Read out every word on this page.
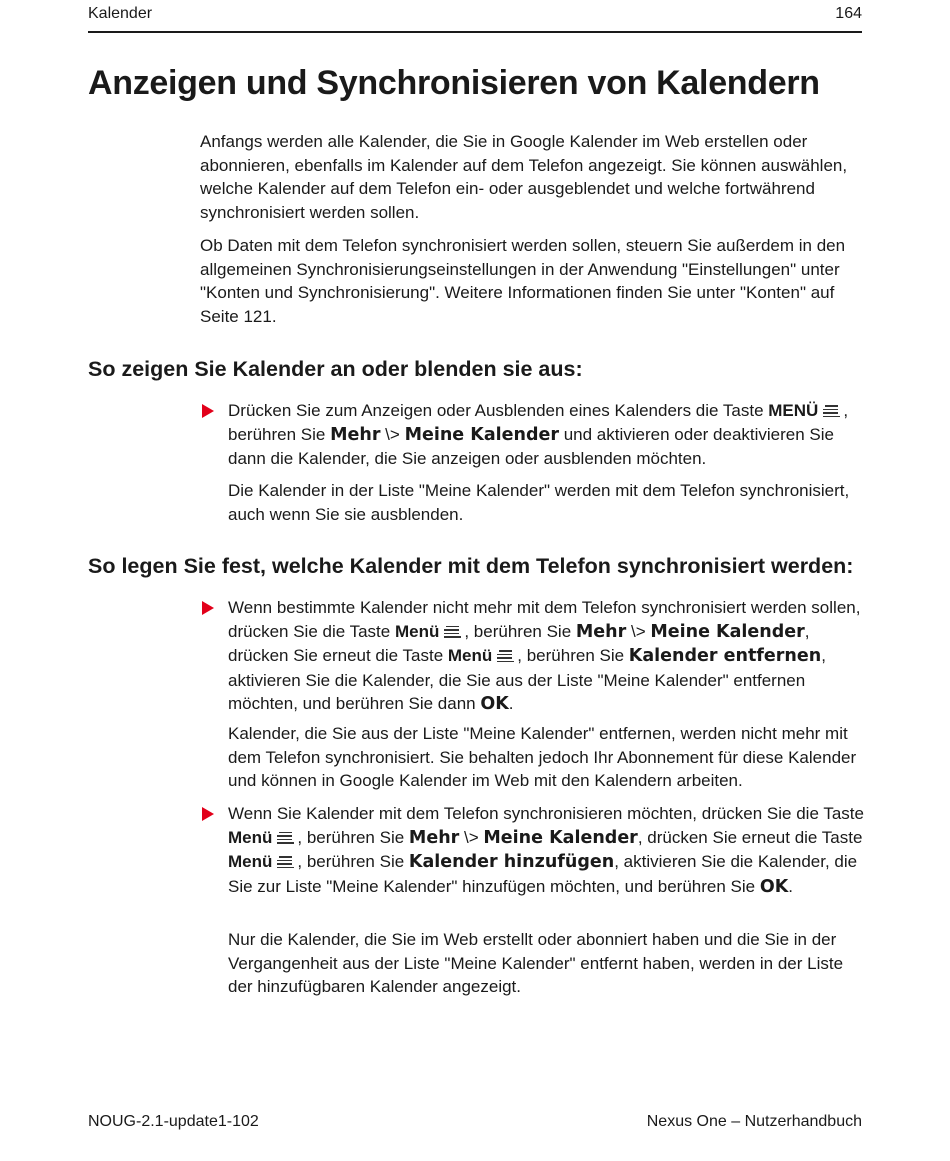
Kalender	164
Anzeigen und Synchronisieren von Kalendern

Anfangs werden alle Kalender, die Sie in Google Kalender im Web erstellen oder abonnieren, ebenfalls im Kalender auf dem Telefon angezeigt. Sie können auswählen, welche Kalender auf dem Telefon ein- oder ausgeblendet und welche fortwährend synchronisiert werden sollen.

Ob Daten mit dem Telefon synchronisiert werden sollen, steuern Sie außerdem in den allgemeinen Synchronisierungseinstellungen in der Anwendung "Einstellungen" unter "Konten und Synchronisierung". Weitere Informationen finden Sie unter "Konten" auf Seite 121.

So zeigen Sie Kalender an oder blenden sie aus:

Drücken Sie zum Anzeigen oder Ausblenden eines Kalenders die Taste MENÜ , berühren Sie Mehr \> Meine Kalender und aktivieren oder deaktivieren Sie dann die Kalender, die Sie anzeigen oder ausblenden möchten.

Die Kalender in der Liste "Meine Kalender" werden mit dem Telefon synchronisiert, auch wenn Sie sie ausblenden.

So legen Sie fest, welche Kalender mit dem Telefon synchronisiert werden:

Wenn bestimmte Kalender nicht mehr mit dem Telefon synchronisiert werden sollen, drücken Sie die Taste Menü , berühren Sie Mehr \> Meine Kalender, drücken Sie erneut die Taste Menü , berühren Sie Kalender entfernen, aktivieren Sie die Kalender, die Sie aus der Liste "Meine Kalender" entfernen möchten, und berühren Sie dann OK.

Kalender, die Sie aus der Liste "Meine Kalender" entfernen, werden nicht mehr mit dem Telefon synchronisiert. Sie behalten jedoch Ihr Abonnement für diese Kalender und können in Google Kalender im Web mit den Kalendern arbeiten.

Wenn Sie Kalender mit dem Telefon synchronisieren möchten, drücken Sie die Taste Menü , berühren Sie Mehr \> Meine Kalender, drücken Sie erneut die Taste Menü , berühren Sie Kalender hinzufügen, aktivieren Sie die Kalender, die Sie zur Liste "Meine Kalender" hinzufügen möchten, und berühren Sie OK.

Nur die Kalender, die Sie im Web erstellt oder abonniert haben und die Sie in der Vergangenheit aus der Liste "Meine Kalender" entfernt haben, werden in der Liste der hinzufügbaren Kalender angezeigt.

NOUG-2.1-update1-102	Nexus One – Nutzerhandbuch
